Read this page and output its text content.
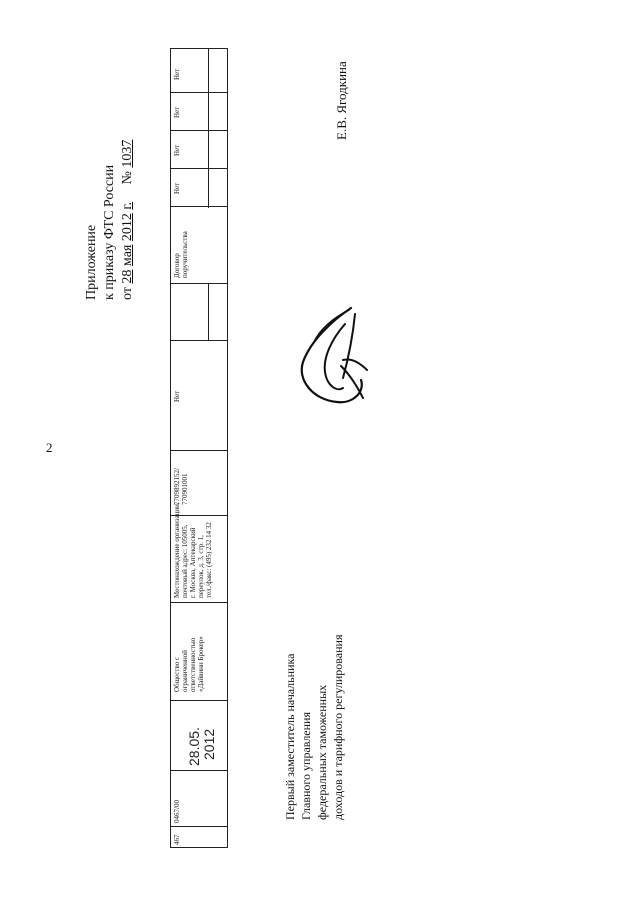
2
Приложение к приказу ФТС России от 28 мая 2012 г.     № 1037
467
0467/00
28.05. 2012
Общество с
ограниченной
ответственностью
«Дайвинн Брокер»
Местонахождение организации,
почтовый адрес: 105005,
г. Москва, Аптекарский
переулок, д. 3, стр. 1,
тел./факс: (495) 232 14 32
7709892152/
770901001
Нет
Договор
поручительства
Нет
Нет
Нет
Нет
Первый заместитель начальника Главного управления федеральных таможенных доходов и тарифного регулирования
Е.В. Ягодкина
